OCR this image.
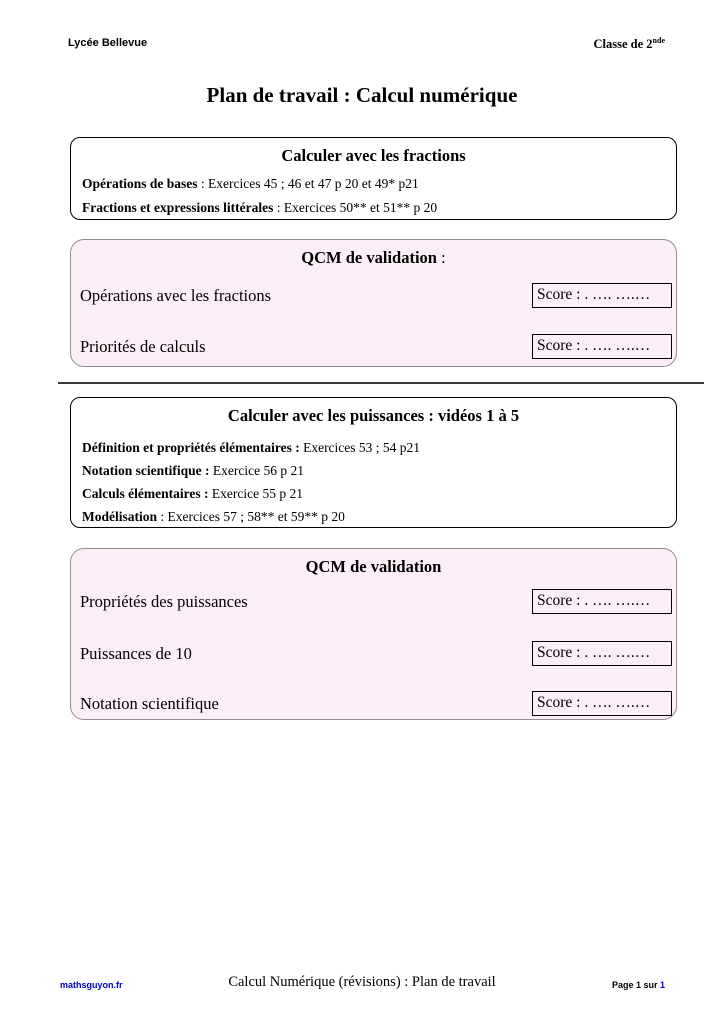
Lycée Bellevue	Classe de 2nde
Plan de travail : Calcul numérique
Calculer avec les fractions

Opérations de bases : Exercices 45 ; 46 et 47 p 20 et 49* p21

Fractions et expressions littérales : Exercices 50** et 51** p 20

QCM de validation :
Opérations avec les fractions	Score : . …. ….…
Priorités de calculs	Score : . …. ….…
Calculer avec les puissances : vidéos 1 à 5

Définition et propriétés élémentaires : Exercices 53 ; 54 p21

Notation scientifique : Exercice 56 p 21

Calculs élémentaires : Exercice 55 p 21

Modélisation : Exercices 57 ; 58** et 59** p 20

QCM de validation
Propriétés des puissances	Score : . …. ….…
Puissances de 10	Score : . …. ….…
Notation scientifique	Score : . …. ….…
mathsguyon.fr	Calcul Numérique (révisions) : Plan de travail	Page 1 sur 1
